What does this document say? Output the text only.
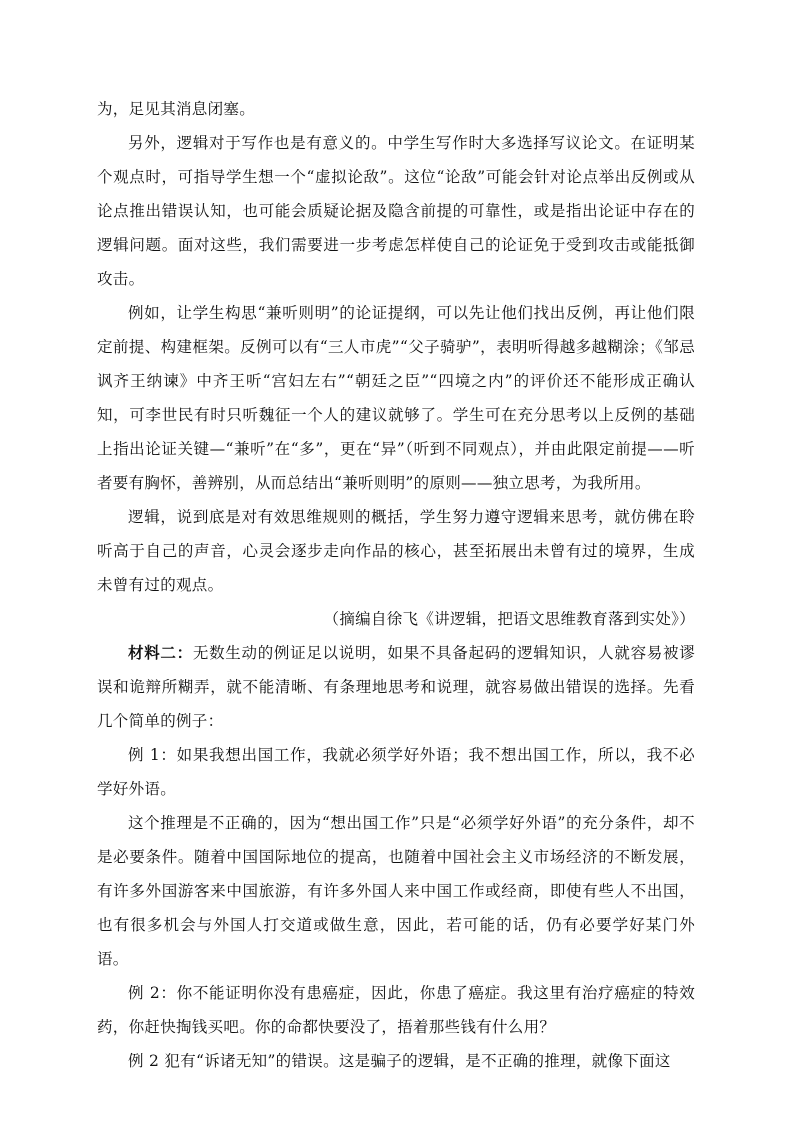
为，足见其消息闭塞。

另外，逻辑对于写作也是有意义的。中学生写作时大多选择写议论文。在证明某个观点时，可指导学生想一个“虚拟论敌”。这位“论敌”可能会针对论点举出反例或从论点推出错误认知，也可能会质疑论据及隐含前提的可靠性，或是指出论证中存在的逻辑问题。面对这些，我们需要进一步考虑怎样使自己的论证免于受到攻击或能抵御攻击。

例如，让学生构思“兼听则明”的论证提纲，可以先让他们找出反例，再让他们限定前提、构建框架。反例可以有“三人市虎”“父子骑驴”，表明听得越多越糊涂；《邹忌讽齐王纳谏》中齐王听“宫妇左右”“朝廷之臣”“四境之内”的评价还不能形成正确认知，可李世民有时只听魏征一个人的建议就够了。学生可在充分思考以上反例的基础上指出论证关键—“兼听”在“多”，更在“异”（听到不同观点），并由此限定前提——听者要有胸怀，善辨别，从而总结出“兼听则明”的原则——独立思考，为我所用。

逻辑，说到底是对有效思维规则的概括，学生努力遵守逻辑来思考，就仿佛在聆听高于自己的声音，心灵会逐步走向作品的核心，甚至拓展出未曾有过的境界，生成未曾有过的观点。

（摘编自徐飞《讲逻辑，把语文思维教育落到实处》）

材料二：无数生动的例证足以说明，如果不具备起码的逻辑知识，人就容易被谬误和诡辩所糊弄，就不能清晰、有条理地思考和说理，就容易做出错误的选择。先看几个简单的例子：

例 1：如果我想出国工作，我就必须学好外语；我不想出国工作，所以，我不必学好外语。

这个推理是不正确的，因为“想出国工作”只是“必须学好外语”的充分条件，却不是必要条件。随着中国国际地位的提高，也随着中国社会主义市场经济的不断发展，有许多外国游客来中国旅游，有许多外国人来中国工作或经商，即使有些人不出国，也有很多机会与外国人打交道或做生意，因此，若可能的话，仍有必要学好某门外语。

例 2：你不能证明你没有患癌症，因此，你患了癌症。我这里有治疗癌症的特效药，你赶快掏钱买吧。你的命都快要没了，捂着那些钱有什么用？

例 2 犯有“诉诸无知”的错误。这是骗子的逻辑，是不正确的推理，就像下面这
